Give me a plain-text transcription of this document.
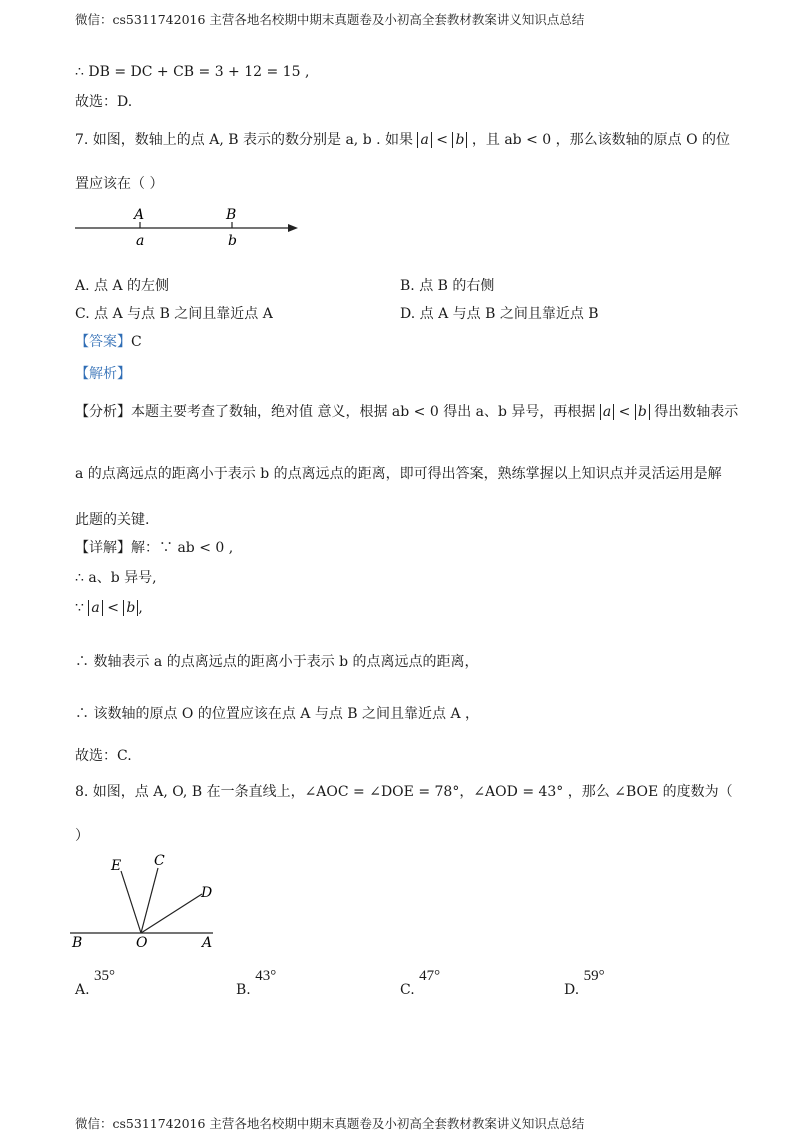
微信：cs5311742016 主营各地名校期中期末真题卷及小初高全套教材教案讲义知识点总结
∴ DB = DC + CB = 3 + 12 = 15 ,
故选：D.
7. 如图，数轴上的点 A, B 表示的数分别是 a, b . 如果 a < b ，且 ab < 0 ，那么该数轴的原点 O 的位
置应该在（ ）
A	B
a	b
A. 点 A 的左侧	B. 点 B 的右侧
C. 点 A 与点 B 之间且靠近点 A	D. 点 A 与点 B 之间且靠近点 B
【答案】C
【解析】
【分析】本题主要考查了数轴，绝对值 意义，根据 ab < 0 得出 a、b 异号，再根据 a < b 得出数轴表示
a 的点离远点的距离小于表示 b 的点离远点的距离，即可得出答案，熟练掌握以上知识点并灵活运用是解
此题的关键.
【详解】解：∵ ab < 0 ,
∴ a、b 异号,
∵ a < b ,
∴ 数轴表示 a 的点离远点的距离小于表示 b 的点离远点的距离，
∴ 该数轴的原点 O 的位置应该在点 A 与点 B 之间且靠近点 A ，
故选：C.
8. 如图，点 A, O, B 在一条直线上，∠AOC = ∠DOE = 78°，∠AOD = 43° ，那么 ∠BOE 的度数为（
）
E C
D
B	O	A
A. 35°
B. 43°
C. 47°
D. 59°
微信：cs5311742016 主营各地名校期中期末真题卷及小初高全套教材教案讲义知识点总结
